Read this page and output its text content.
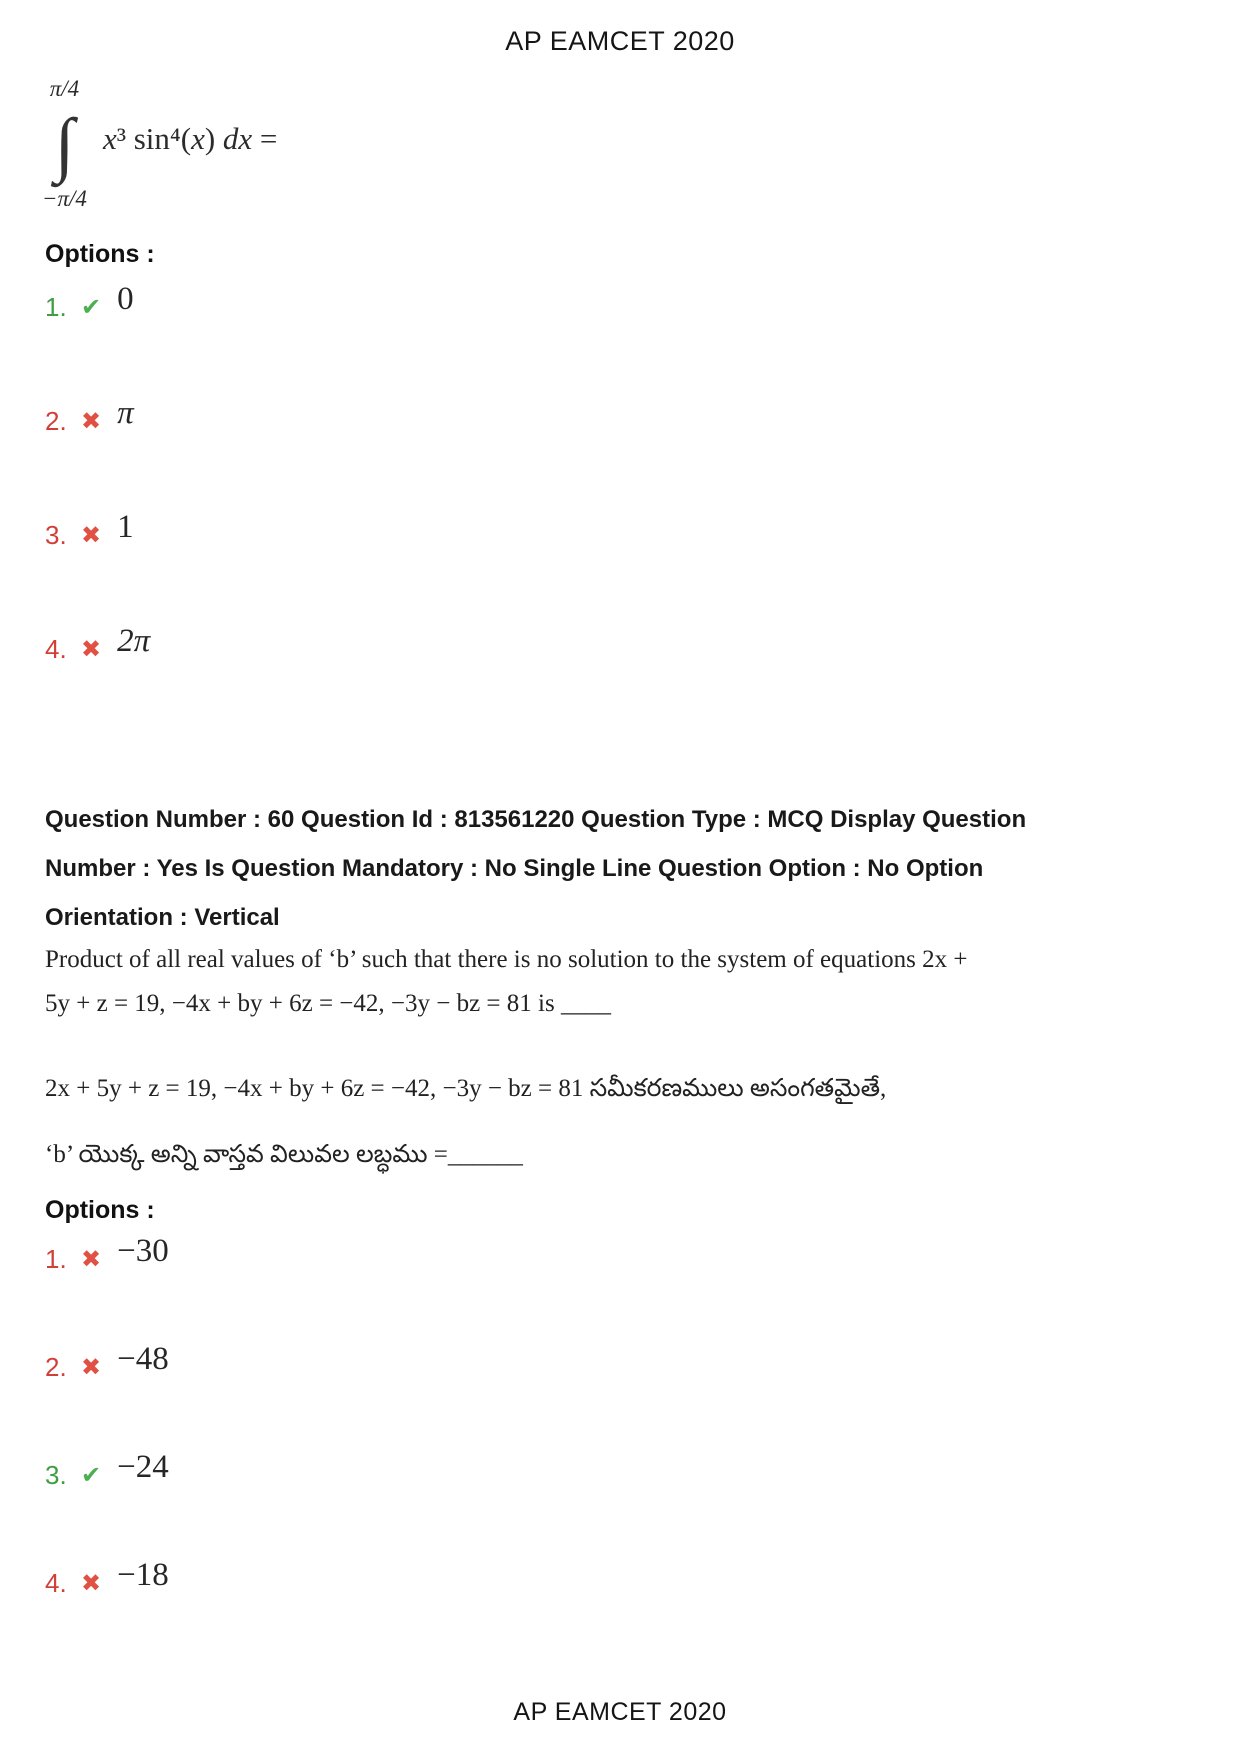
AP EAMCET 2020
π/4
∫
−π/4
x³ sin⁴(x) dx =
Options :
1. ✔ 0
2. ✖ π
3. ✖ 1
4. ✖ 2π
Question Number : 60 Question Id : 813561220 Question Type : MCQ Display Question
Number : Yes Is Question Mandatory : No Single Line Question Option : No Option
Orientation : Vertical
Product of all real values of ‘b’ such that there is no solution to the system of equations 2x +
5y + z = 19, −4x + by + 6z = −42, −3y − bz = 81 is ____
2x + 5y + z = 19, −4x + by + 6z = −42, −3y − bz = 81 సమీకరణములు అసంగతమైతే,
‘b’ యొక్క అన్ని వాస్తవ విలువల లబ్ధము =______
Options :
1. ✖ −30
2. ✖ −48
3. ✔ −24
4. ✖ −18
AP EAMCET 2020
